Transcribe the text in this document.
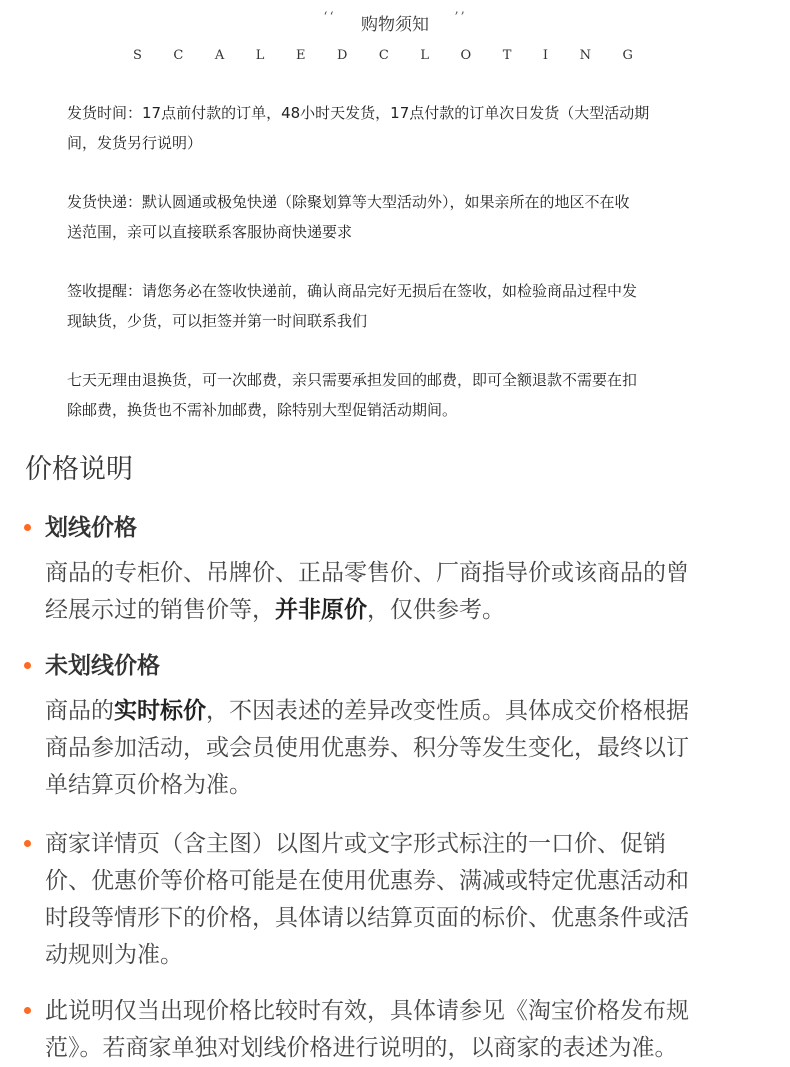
‘‘ 购物须知 ’’
S C A L E D C L O T I N G
发货时间：17点前付款的订单，48小时天发货，17点付款的订单次日发货（大型活动期
间，发货另行说明）
发货快递：默认圆通或极兔快递（除聚划算等大型活动外），如果亲所在的地区不在收
送范围，亲可以直接联系客服协商快递要求
签收提醒：请您务必在签收快递前，确认商品完好无损后在签收，如检验商品过程中发
现缺货，少货，可以拒签并第一时间联系我们
七天无理由退换货，可一次邮费，亲只需要承担发回的邮费，即可全额退款不需要在扣
除邮费，换货也不需补加邮费，除特别大型促销活动期间。
价格说明
划线价格
商品的专柜价、吊牌价、正品零售价、厂商指导价或该商品的曾
经展示过的销售价等，并非原价，仅供参考。
未划线价格
商品的实时标价，不因表述的差异改变性质。具体成交价格根据
商品参加活动，或会员使用优惠券、积分等发生变化，最终以订
单结算页价格为准。
商家详情页（含主图）以图片或文字形式标注的一口价、促销
价、优惠价等价格可能是在使用优惠券、满减或特定优惠活动和
时段等情形下的价格，具体请以结算页面的标价、优惠条件或活
动规则为准。
此说明仅当出现价格比较时有效，具体请参见《淘宝价格发布规
范》。若商家单独对划线价格进行说明的，以商家的表述为准。
